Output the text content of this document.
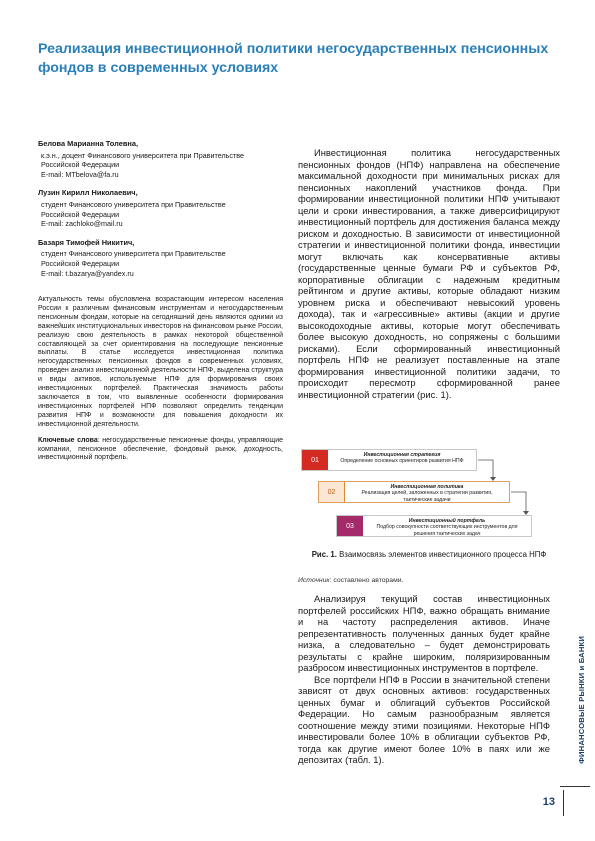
Реализация инвестиционной политики негосударственных пенсионных фондов в современных условиях
Белова Марианна Толевна,
к.э.н., доцент Финансового университета при Правительстве
Российской Федерации
E-mail: MTbelova@fa.ru
Лузин Кирилл Николаевич,
студент Финансового университета при Правительстве
Российской Федерации
E-mail: zachloko@mail.ru
Базаря Тимофей Никитич,
студент Финансового университета при Правительстве
Российской Федерации
E-mail: t.bazarya@yandex.ru

Актуальность темы обусловлена возрастающим интересом населения России к различным финансовым инструментам и негосударственным пенсионным фондам, которые на сегодняшний день являются одними из важнейших институциональных инвесторов на финансовом рынке России, реализую свою деятельность в рамках некоторой общественной составляющей за счет ориентирования на последующие пенсионные выплаты. В статье исследуется инвестиционная политика негосударственных пенсионных фондов в современных условиях, проведен анализ инвестиционной деятельности НПФ, выделена структура и виды активов, используемые НПФ для формирования своих инвестиционных портфелей. Практическая значимость работы заключается в том, что выявленные особенности формирования инвестиционных портфелей НПФ позволяют определить тенденции развития НПФ и возможности для повышения доходности их инвестиционной деятельности.

Ключевые слова: негосударственные пенсионные фонды, управляющие компании, пенсионное обеспечение, фондовый рынок, доходность, инвестиционный портфель.

Инвестиционная политика негосударственных пенсионных фондов (НПФ) направлена на обеспечение максимальной доходности при минимальных рисках для пенсионных накоплений участников фонда. При формировании инвестиционной политики НПФ учитывают цели и сроки инвестирования, а также диверсифицируют инвестиционный портфель для достижения баланса между риском и доходностью. В зависимости от инвестиционной стратегии и инвестиционной политики фонда, инвестиции могут включать как консервативные активы (государственные ценные бумаги РФ и субъектов РФ, корпоративные облигации с надежным кредитным рейтингом и другие активы, которые обладают низким уровнем риска и обеспечивают невысокий уровень дохода), так и «агрессивные» активы (акции и другие высокодоходные активы, которые могут обеспечивать более высокую доходность, но сопряжены с большими рисками). Если сформированный инвестиционный портфель НПФ не реализует поставленные на этапе формирования инвестиционной политики задачи, то происходит пересмотр сформированной ранее инвестиционной стратегии (рис. 1).

01
Инвестиционная стратегия
Определение основных ориентиров развития НПФ
02
Инвестиционная политика
Реализация целей, заложенных в стратегии развития, тактические задачи
03
Инвестиционный портфель
Подбор совокупности соответствующих инструментов для решения тактических задач
Рис. 1. Взаимосвязь элементов инвестиционного процесса НПФ
Источник: составлено авторами.

Анализируя текущий состав инвестиционных портфелей российских НПФ, важно обращать внимание и на частоту распределения активов. Иначе репрезентативность полученных данных будет крайне низка, а следовательно – будет демонстрировать результаты с крайне широким, поляризированным разбросом инвестиционных инструментов в портфеле.

Все портфели НПФ в России в значительной степени зависят от двух основных активов: государственных ценных бумаг и облигаций субъектов Российской Федерации. Но самым разнообразным является соотношение между этими позициями. Некоторые НПФ инвестировали более 10% в облигации субъектов РФ, тогда как другие имеют более 10% в паях или же депозитах (табл. 1).	ФИНАНСОВЫЕ РЫНКИ и БАНКИ
13
